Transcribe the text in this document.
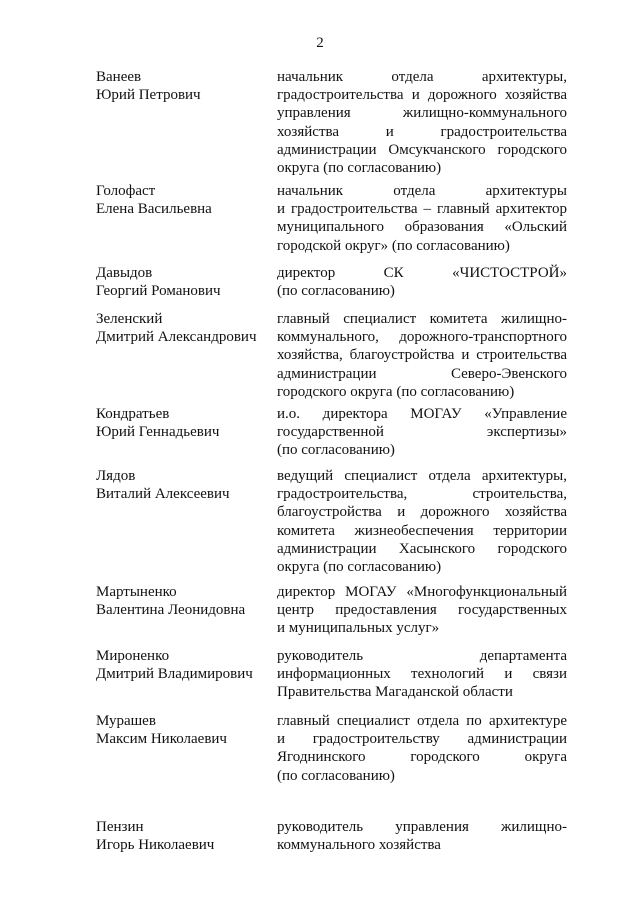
2
Ванеев
Юрий Петрович
начальник отдела архитектуры,
градостроительства и дорожного хозяйства
управления жилищно-коммунального
хозяйства и градостроительства
администрации Омсукчанского городского
округа (по согласованию)
Голофаст
Елена Васильевна
начальник отдела архитектуры
и градостроительства – главный архитектор
муниципального образования «Ольский
городской округ» (по согласованию)
Давыдов
Георгий Романович
директор СК «ЧИСТОСТРОЙ»
(по согласованию)
Зеленский
Дмитрий Александрович
главный специалист комитета жилищно-
коммунального, дорожного-транспортного
хозяйства, благоустройства и строительства
администрации Северо-Эвенского
городского округа (по согласованию)
Кондратьев
Юрий Геннадьевич
и.о. директора МОГАУ «Управление
государственной экспертизы»
(по согласованию)
Лядов
Виталий Алексеевич
ведущий специалист отдела архитектуры,
градостроительства, строительства,
благоустройства и дорожного хозяйства
комитета жизнеобеспечения территории
администрации Хасынского городского
округа (по согласованию)
Мартыненко
Валентина Леонидовна
директор МОГАУ «Многофункциональный
центр предоставления государственных
и муниципальных услуг»
Мироненко
Дмитрий Владимирович
руководитель департамента
информационных технологий и связи
Правительства Магаданской области
Мурашев
Максим Николаевич
главный специалист отдела по архитектуре
и градостроительству администрации
Ягоднинского городского округа
(по согласованию)
Пензин
Игорь Николаевич
руководитель управления жилищно-
коммунального хозяйства
